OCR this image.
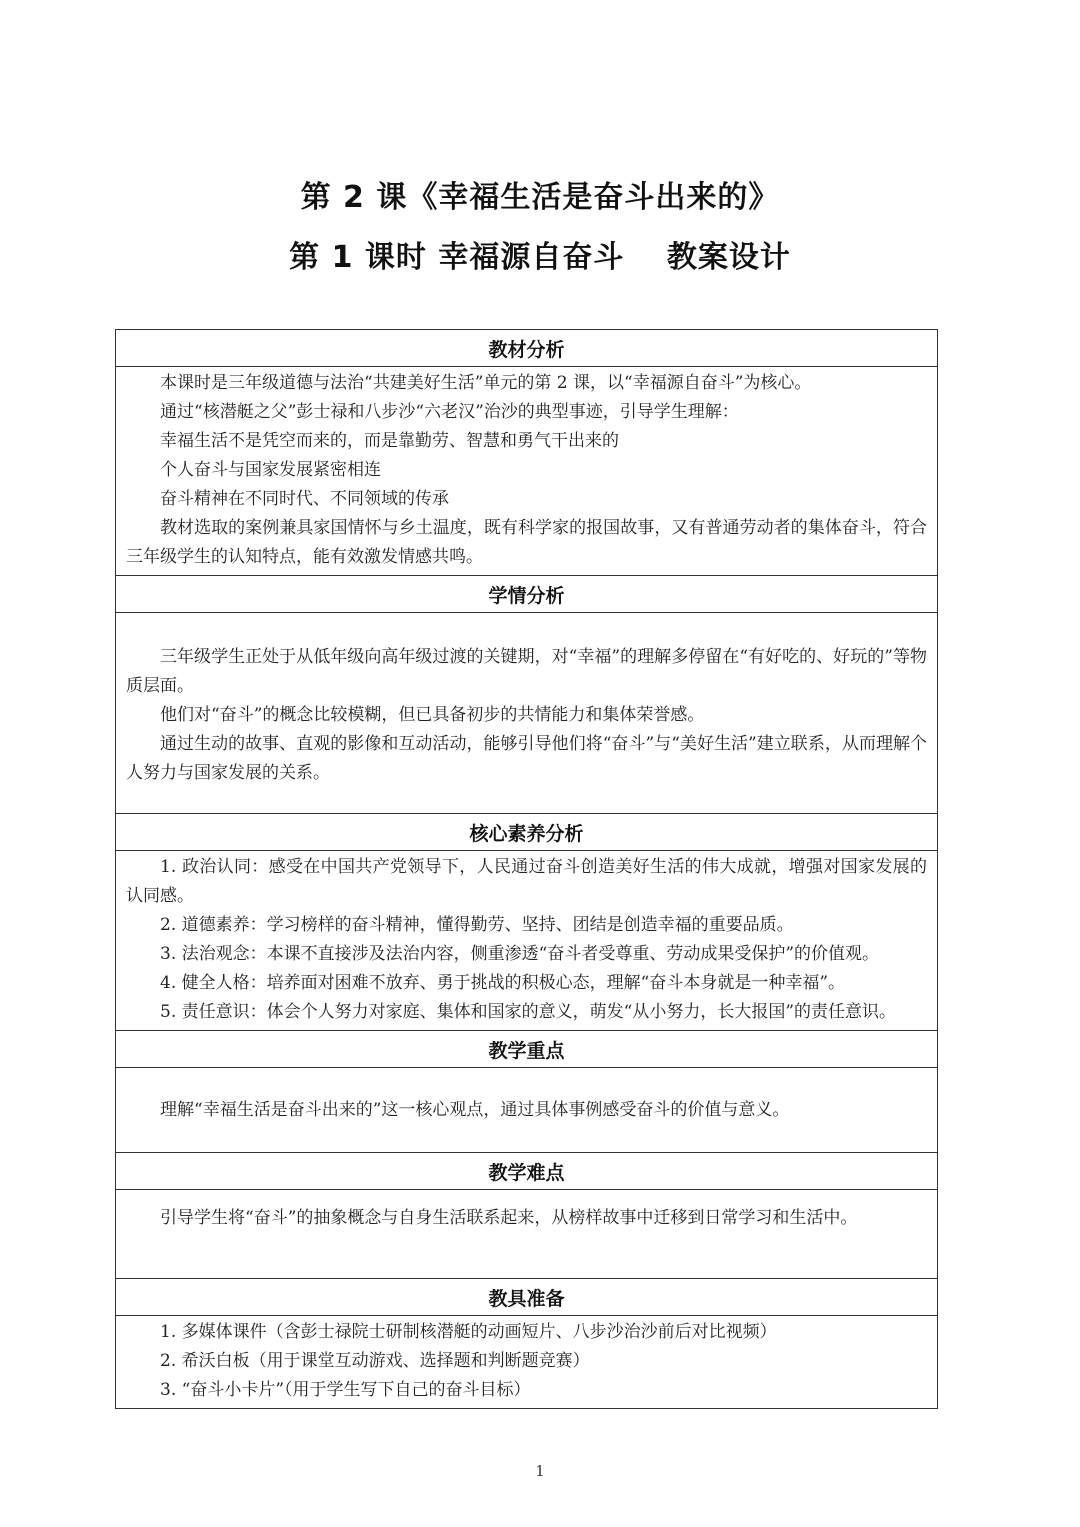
第 2 课《幸福生活是奋斗出来的》
第 1 课时 幸福源自奋斗　 教案设计
教材分析

本课时是三年级道德与法治“共建美好生活”单元的第 2 课，以“幸福源自奋斗”为核心。

通过“核潜艇之父”彭士禄和八步沙“六老汉”治沙的典型事迹，引导学生理解：

幸福生活不是凭空而来的，而是靠勤劳、智慧和勇气干出来的

个人奋斗与国家发展紧密相连

奋斗精神在不同时代、不同领域的传承

教材选取的案例兼具家国情怀与乡土温度，既有科学家的报国故事，又有普通劳动者的集体奋斗，符合三年级学生的认知特点，能有效激发情感共鸣。

学情分析

三年级学生正处于从低年级向高年级过渡的关键期，对“幸福”的理解多停留在“有好吃的、好玩的”等物质层面。

他们对“奋斗”的概念比较模糊，但已具备初步的共情能力和集体荣誉感。

通过生动的故事、直观的影像和互动活动，能够引导他们将“奋斗”与“美好生活”建立联系，从而理解个人努力与国家发展的关系。

核心素养分析

1. 政治认同：感受在中国共产党领导下，人民通过奋斗创造美好生活的伟大成就，增强对国家发展的认同感。

2. 道德素养：学习榜样的奋斗精神，懂得勤劳、坚持、团结是创造幸福的重要品质。

3. 法治观念：本课不直接涉及法治内容，侧重渗透“奋斗者受尊重、劳动成果受保护”的价值观。

4. 健全人格：培养面对困难不放弃、勇于挑战的积极心态，理解“奋斗本身就是一种幸福”。

5. 责任意识：体会个人努力对家庭、集体和国家的意义，萌发“从小努力，长大报国”的责任意识。

教学重点

理解“幸福生活是奋斗出来的”这一核心观点，通过具体事例感受奋斗的价值与意义。

教学难点

引导学生将“奋斗”的抽象概念与自身生活联系起来，从榜样故事中迁移到日常学习和生活中。

教具准备

1. 多媒体课件（含彭士禄院士研制核潜艇的动画短片、八步沙治沙前后对比视频）

2. 希沃白板（用于课堂互动游戏、选择题和判断题竞赛）

3. “奋斗小卡片”（用于学生写下自己的奋斗目标）

1
